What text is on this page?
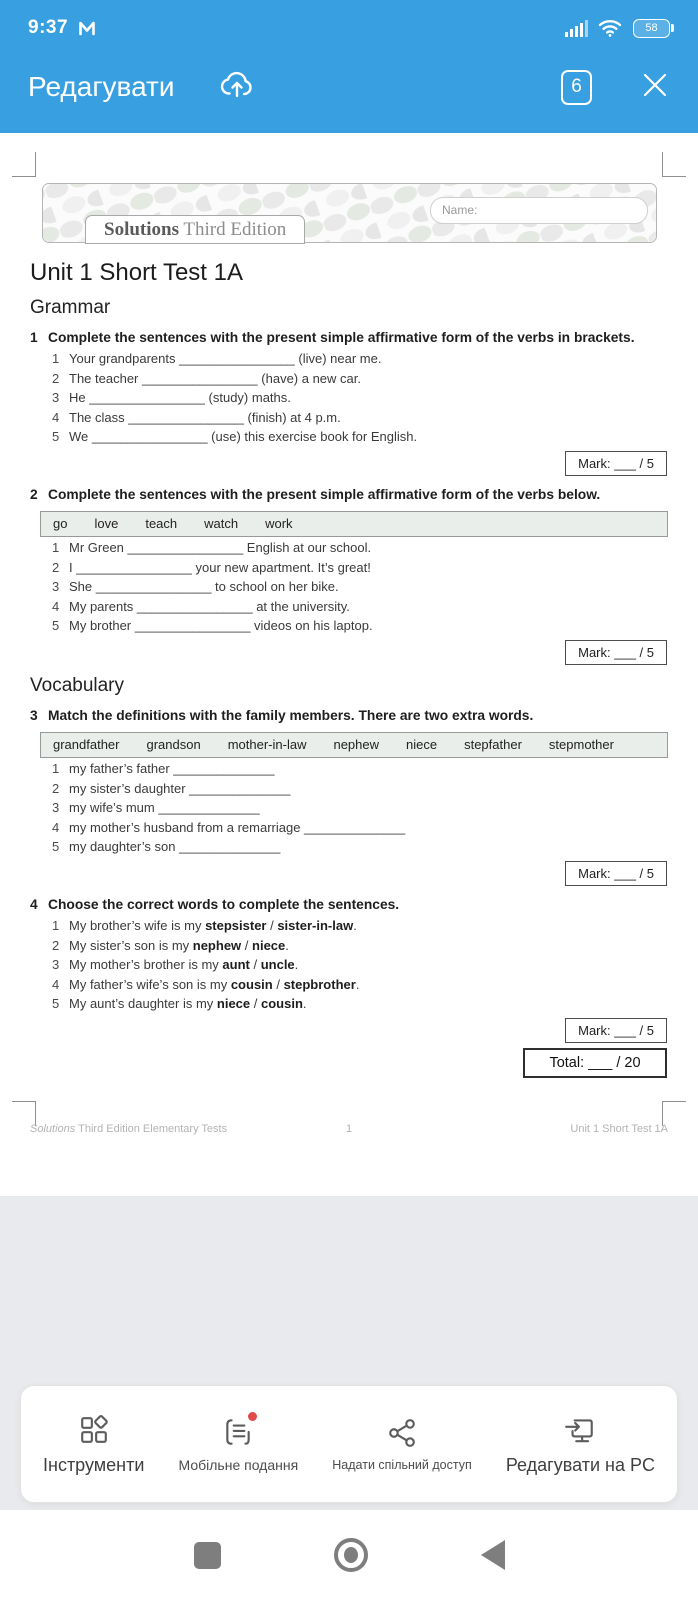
9:37	58
Редагувати	6
Name:
Solutions Third Edition
Unit 1 Short Test 1A
Grammar
1 Complete the sentences with the present simple affirmative form of the verbs in brackets.
1 Your grandparents ________________ (live) near me.
2 The teacher ________________ (have) a new car.
3 He ________________ (study) maths.
4 The class ________________ (finish) at 4 p.m.
5 We ________________ (use) this exercise book for English.
Mark: ___ / 5
2 Complete the sentences with the present simple affirmative form of the verbs below.
go love teach watch work
1 Mr Green ________________ English at our school.
2 I ________________ your new apartment. It’s great!
3 She ________________ to school on her bike.
4 My parents ________________ at the university.
5 My brother ________________ videos on his laptop.
Mark: ___ / 5
Vocabulary
3 Match the definitions with the family members. There are two extra words.
grandfather grandson mother-in-law nephew niece stepfather stepmother
1 my father’s father ______________
2 my sister’s daughter ______________
3 my wife’s mum ______________
4 my mother’s husband from a remarriage ______________
5 my daughter’s son ______________
Mark: ___ / 5
4 Choose the correct words to complete the sentences.
1 My brother’s wife is my stepsister / sister-in-law.
2 My sister’s son is my nephew / niece.
3 My mother’s brother is my aunt / uncle.
4 My father’s wife’s son is my cousin / stepbrother.
5 My aunt’s daughter is my niece / cousin.
Mark: ___ / 5
Total: ___ / 20
Solutions Third Edition Elementary Tests	1	Unit 1 Short Test 1A
Інструменти Мобільне подання	Надати спільний доступ Редагувати на PC
